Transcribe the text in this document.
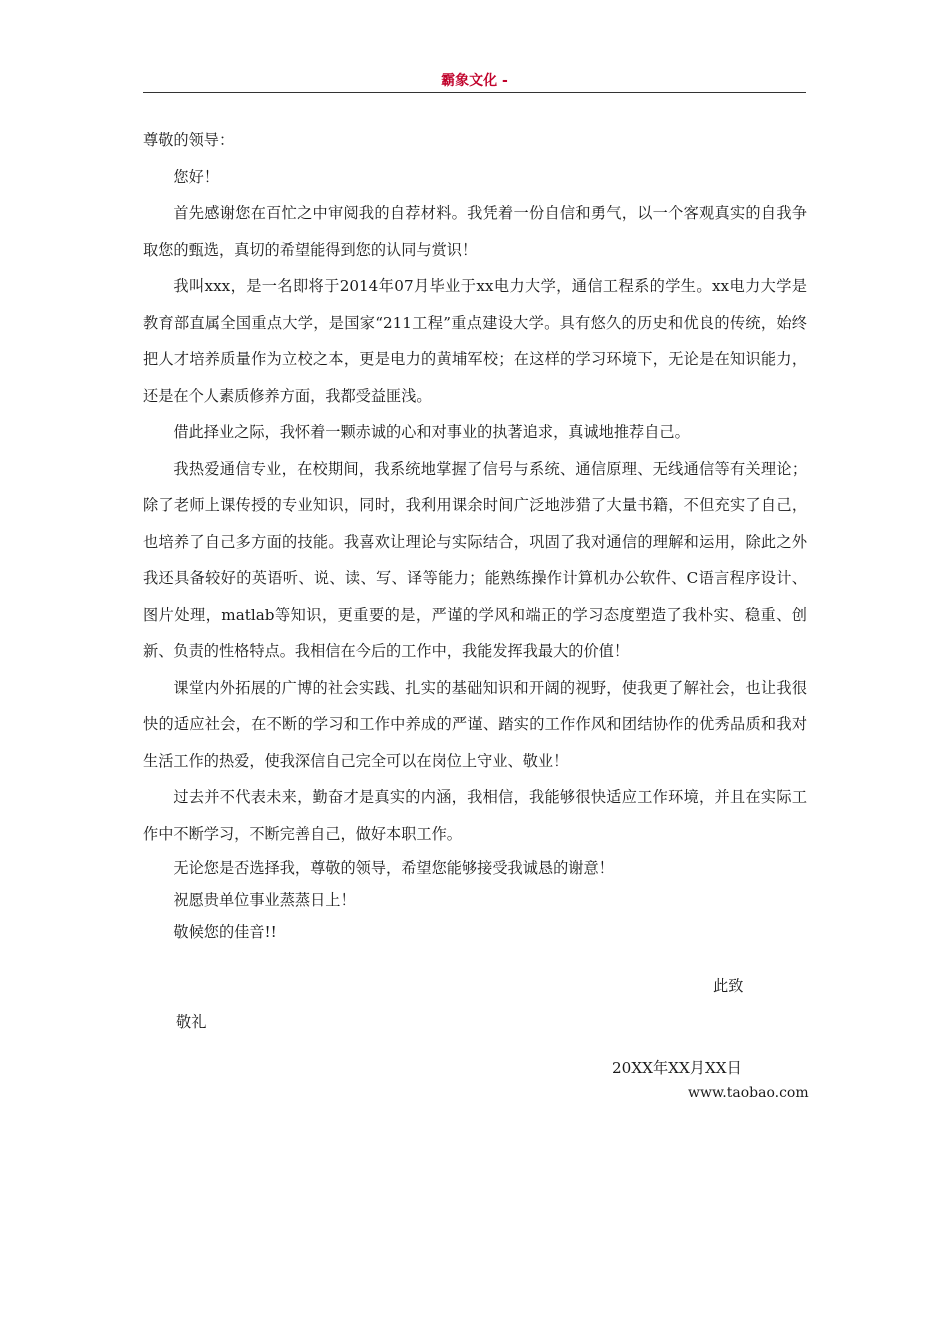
霸象文化 -

尊敬的领导：

您好！

首先感谢您在百忙之中审阅我的自荐材料。我凭着一份自信和勇气，以一个客观真实的自我争取您的甄选，真切的希望能得到您的认同与赏识！

我叫xxx，是一名即将于2014年07月毕业于xx电力大学，通信工程系的学生。xx电力大学是教育部直属全国重点大学，是国家“211工程”重点建设大学。具有悠久的历史和优良的传统，始终把人才培养质量作为立校之本，更是电力的黄埔军校；在这样的学习环境下，无论是在知识能力，还是在个人素质修养方面，我都受益匪浅。

借此择业之际，我怀着一颗赤诚的心和对事业的执著追求，真诚地推荐自己。

我热爱通信专业，在校期间，我系统地掌握了信号与系统、通信原理、无线通信等有关理论；除了老师上课传授的专业知识，同时，我利用课余时间广泛地涉猎了大量书籍，不但充实了自己，也培养了自己多方面的技能。我喜欢让理论与实际结合，巩固了我对通信的理解和运用，除此之外我还具备较好的英语听、说、读、写、译等能力；能熟练操作计算机办公软件、C语言程序设计、图片处理，matlab等知识，更重要的是，严谨的学风和端正的学习态度塑造了我朴实、稳重、创新、负责的性格特点。我相信在今后的工作中，我能发挥我最大的价值！

课堂内外拓展的广博的社会实践、扎实的基础知识和开阔的视野，使我更了解社会，也让我很快的适应社会，在不断的学习和工作中养成的严谨、踏实的工作作风和团结协作的优秀品质和我对生活工作的热爱，使我深信自己完全可以在岗位上守业、敬业！

过去并不代表未来，勤奋才是真实的内涵，我相信，我能够很快适应工作环境，并且在实际工作中不断学习，不断完善自己，做好本职工作。

无论您是否选择我，尊敬的领导，希望您能够接受我诚恳的谢意！

祝愿贵单位事业蒸蒸日上！

敬候您的佳音!!

此致
敬礼
20XX年XX月XX日
www.taobao.com
